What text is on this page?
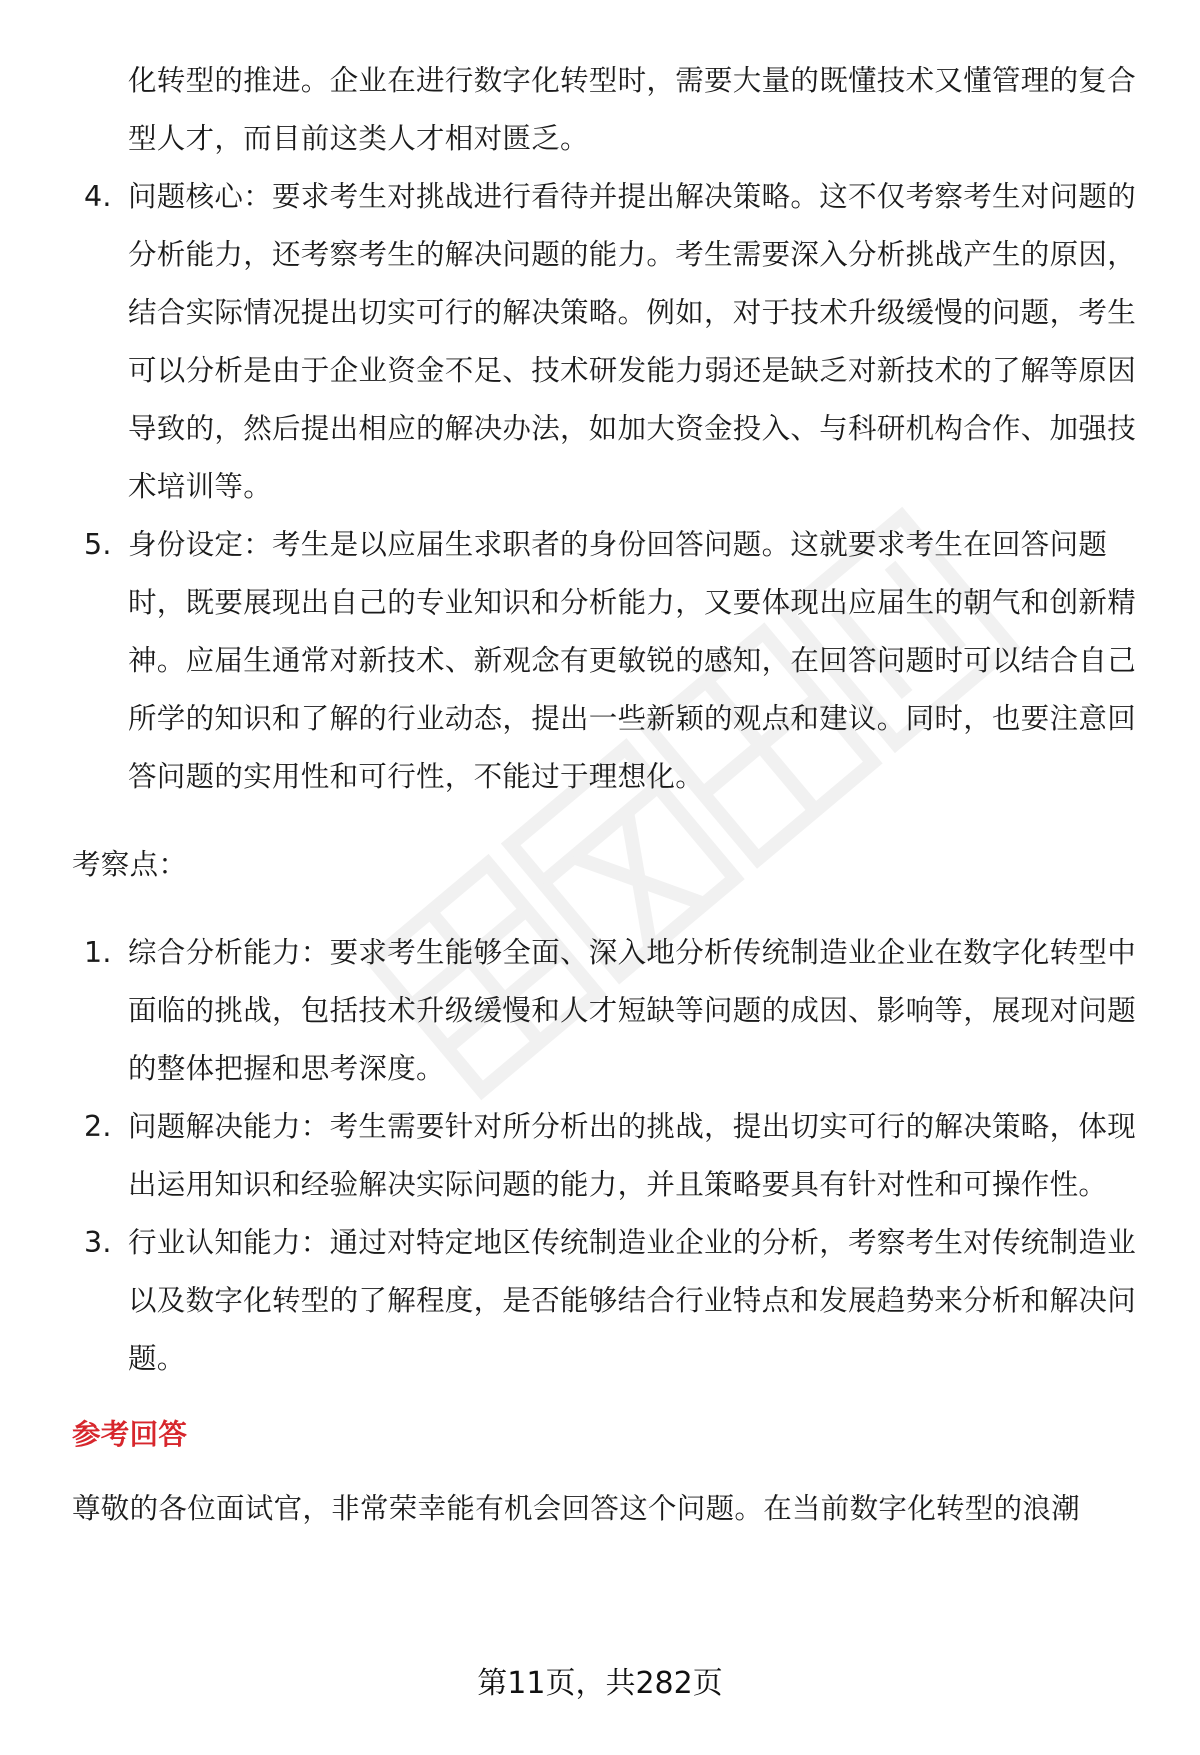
化转型的推进。企业在进行数字化转型时，需要大量的既懂技术又懂管理的复合型人才，而目前这类人才相对匮乏。

4. 问题核心：要求考生对挑战进行看待并提出解决策略。这不仅考察考生对问题的分析能力，还考察考生的解决问题的能力。考生需要深入分析挑战产生的原因，结合实际情况提出切实可行的解决策略。例如，对于技术升级缓慢的问题，考生可以分析是由于企业资金不足、技术研发能力弱还是缺乏对新技术的了解等原因导致的，然后提出相应的解决办法，如加大资金投入、与科研机构合作、加强技术培训等。
5. 身份设定：考生是以应届生求职者的身份回答问题。这就要求考生在回答问题时，既要展现出自己的专业知识和分析能力，又要体现出应届生的朝气和创新精神。应届生通常对新技术、新观念有更敏锐的感知，在回答问题时可以结合自己所学的知识和了解的行业动态，提出一些新颖的观点和建议。同时，也要注意回答问题的实用性和可行性，不能过于理想化。
考察点：
1. 综合分析能力：要求考生能够全面、深入地分析传统制造业企业在数字化转型中面临的挑战，包括技术升级缓慢和人才短缺等问题的成因、影响等，展现对问题的整体把握和思考深度。
2. 问题解决能力：考生需要针对所分析出的挑战，提出切实可行的解决策略，体现出运用知识和经验解决实际问题的能力，并且策略要具有针对性和可操作性。
3. 行业认知能力：通过对特定地区传统制造业企业的分析，考察考生对传统制造业以及数字化转型的了解程度，是否能够结合行业特点和发展趋势来分析和解决问题。
参考回答

尊敬的各位面试官，非常荣幸能有机会回答这个问题。在当前数字化转型的浪潮

第11页，共282页
